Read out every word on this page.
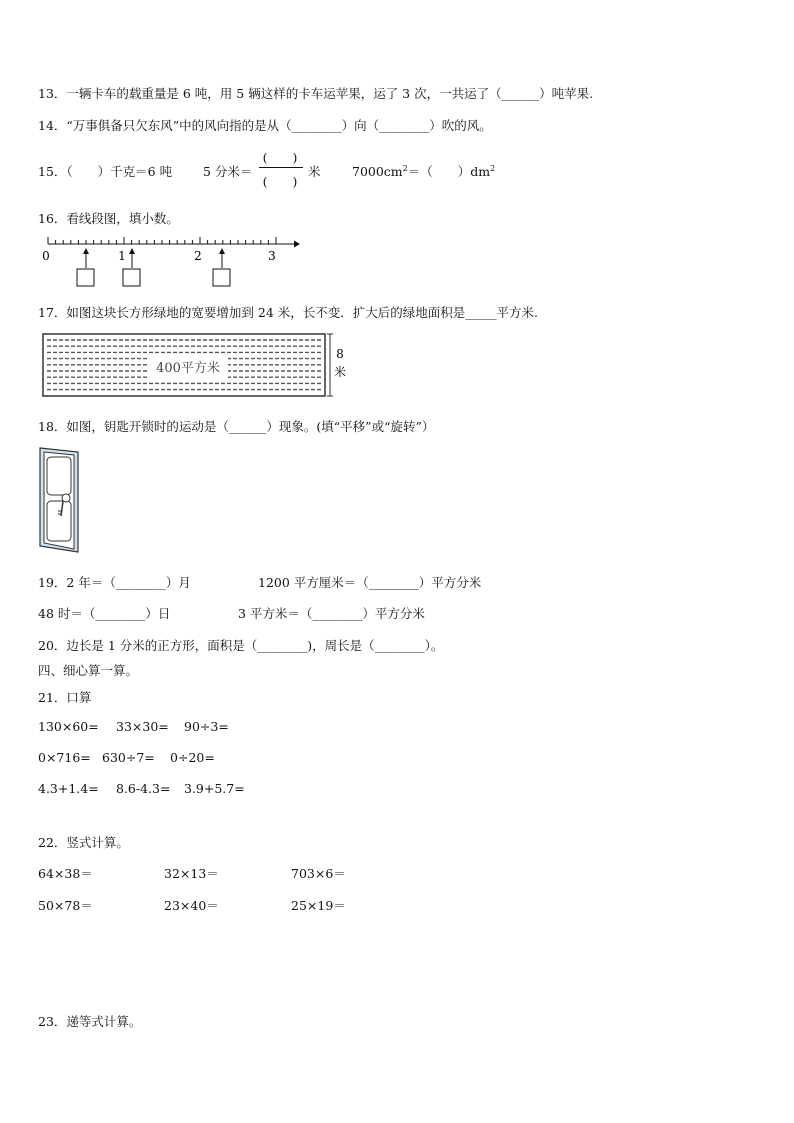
13．一辆卡车的载重量是 6 吨，用 5 辆这样的卡车运苹果，运了 3 次，一共运了（______）吨苹果.
14．“万事俱备只欠东风”中的风向指的是从（________）向（________）吹的风。
15．（　　）千克＝6 吨 5 分米＝
(　　)
(　　)
米	$7000cm^2=$（　　）$dm^2$
16．看线段图，填小数。
0	1	2	3
17．如图这块长方形绿地的宽要增加到 24 米，长不变．扩大后的绿地面积是_____平方米.
400平方米
8
米
18．如图，钥匙开锁时的运动是（______）现象。(填“平移”或“旋转”）
19．2 年＝（________）月	1200 平方厘米＝（________）平方分米
48 时＝（________）日	3 平方米＝（________）平方分米
20．边长是 1 分米的正方形，面积是（________)，周长是（________）。
四、细心算一算。
21．口算
130×60= 33×30= 90÷3=
0×716= 630÷7= 0÷20=
4.3+1.4= 8.6-4.3= 3.9+5.7=
22．竖式计算。
64×38＝	32×13＝	703×6＝
50×78＝	23×40＝	25×19＝
23．递等式计算。
